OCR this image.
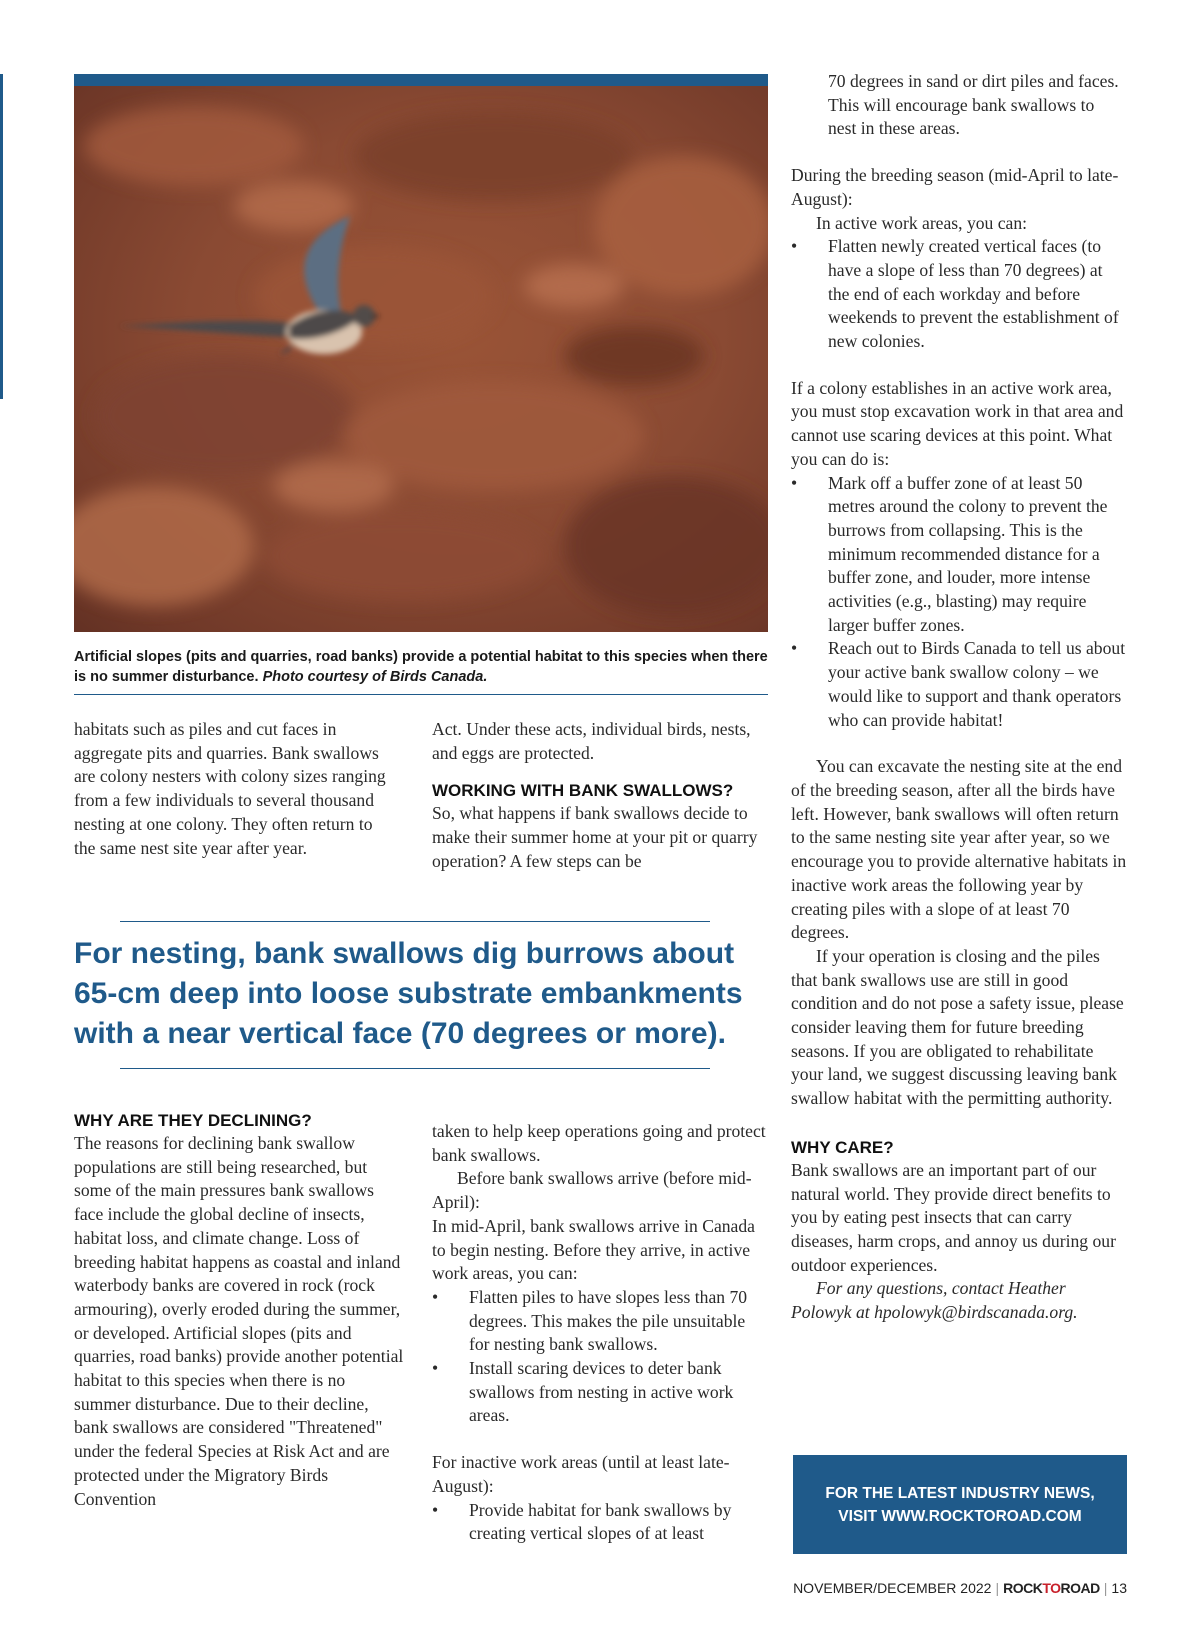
Artificial slopes (pits and quarries, road banks) provide a potential habitat to this species when there is no summer disturbance. Photo courtesy of Birds Canada.

habitats such as piles and cut faces in aggregate pits and quarries. Bank swallows are colony nesters with colony sizes ranging from a few individuals to several thousand nesting at one colony. They often return to the same nest site year after year.

Act. Under these acts, individual birds, nests, and eggs are protected.

WORKING WITH BANK SWALLOWS?

So, what happens if bank swallows decide to make their summer home at your pit or quarry operation? A few steps can be

For nesting, bank swallows dig burrows about 65-cm deep into loose substrate embankments with a near vertical face (70 degrees or more).

WHY ARE THEY DECLINING?

The reasons for declining bank swallow populations are still being researched, but some of the main pressures bank swallows face include the global decline of insects, habitat loss, and climate change. Loss of breeding habitat happens as coastal and inland waterbody banks are covered in rock (rock armouring), overly eroded during the summer, or developed. Artificial slopes (pits and quarries, road banks) provide another potential habitat to this species when there is no summer disturbance. Due to their decline, bank swallows are considered "Threatened" under the federal Species at Risk Act and are protected under the Migratory Birds Convention

taken to help keep operations going and protect bank swallows.

Before bank swallows arrive (before mid-April):

In mid-April, bank swallows arrive in Canada to begin nesting. Before they arrive, in active work areas, you can:

• Flatten piles to have slopes less than 70 degrees. This makes the pile unsuitable for nesting bank swallows.
• Install scaring devices to deter bank swallows from nesting in active work areas.

For inactive work areas (until at least late-August):

• Provide habitat for bank swallows by creating vertical slopes of at least

70 degrees in sand or dirt piles and faces. This will encourage bank swallows to nest in these areas.

During the breeding season (mid-April to late-August):

In active work areas, you can:

• Flatten newly created vertical faces (to have a slope of less than 70 degrees) at the end of each workday and before weekends to prevent the establishment of new colonies.

If a colony establishes in an active work area, you must stop excavation work in that area and cannot use scaring devices at this point. What you can do is:

• Mark off a buffer zone of at least 50 metres around the colony to prevent the burrows from collapsing. This is the minimum recommended distance for a buffer zone, and louder, more intense activities (e.g., blasting) may require larger buffer zones.
• Reach out to Birds Canada to tell us about your active bank swallow colony – we would like to support and thank operators who can provide habitat!

You can excavate the nesting site at the end of the breeding season, after all the birds have left. However, bank swallows will often return to the same nesting site year after year, so we encourage you to provide alternative habitats in inactive work areas the following year by creating piles with a slope of at least 70 degrees.

If your operation is closing and the piles that bank swallows use are still in good condition and do not pose a safety issue, please consider leaving them for future breeding seasons. If you are obligated to rehabilitate your land, we suggest discussing leaving bank swallow habitat with the permitting authority.

WHY CARE?

Bank swallows are an important part of our natural world. They provide direct benefits to you by eating pest insects that can carry diseases, harm crops, and annoy us during our outdoor experiences.

For any questions, contact Heather Polowyk at hpolowyk@birdscanada.org.

FOR THE LATEST INDUSTRY NEWS,
VISIT WWW.ROCKTOROAD.COM
NOVEMBER/DECEMBER 2022 | ROCKTOROAD | 13
